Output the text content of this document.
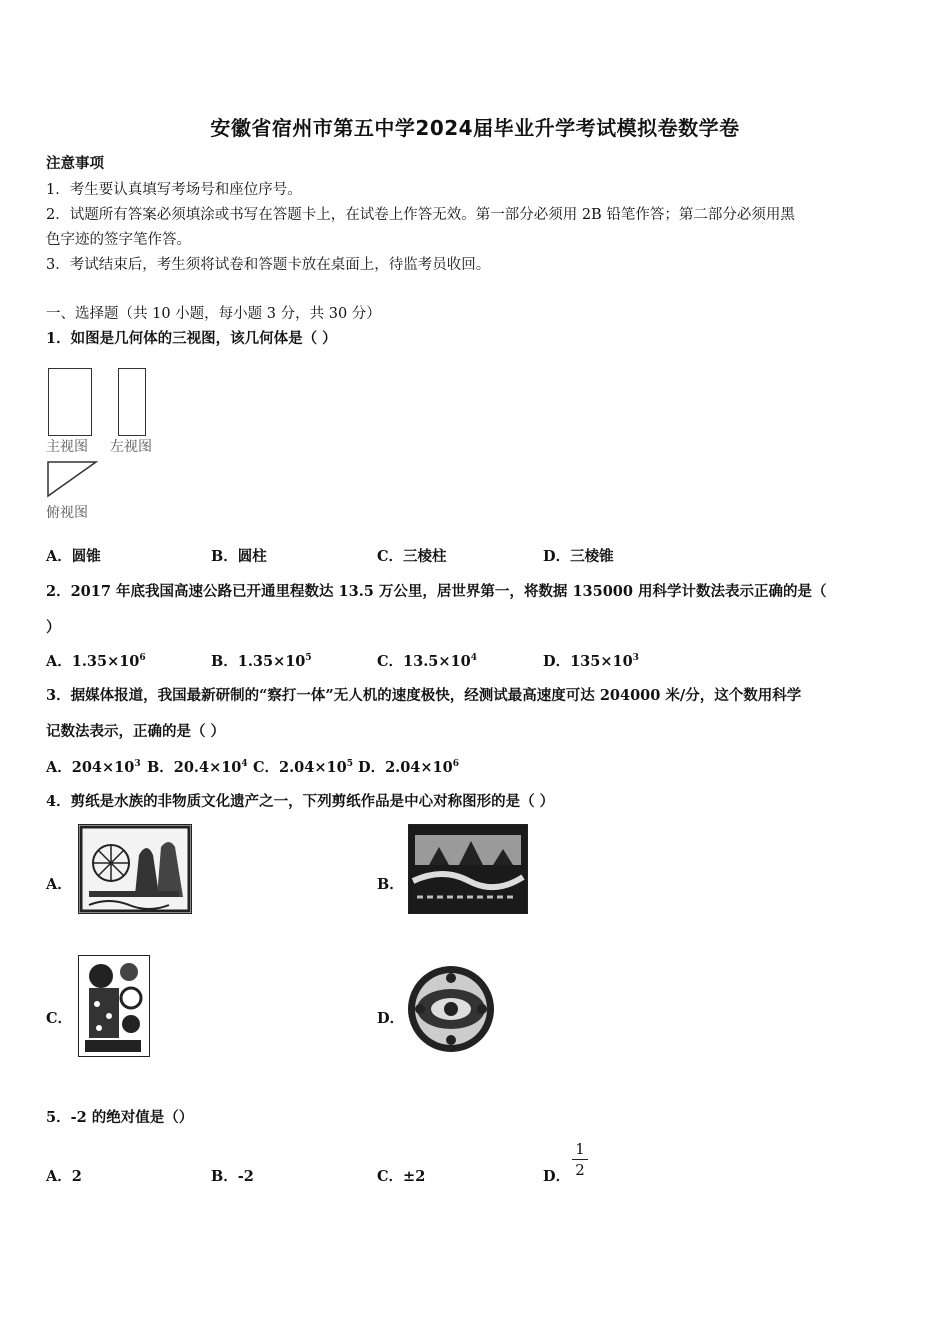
安徽省宿州市第五中学2024届毕业升学考试模拟卷数学卷
注意事项
1．考生要认真填写考场号和座位序号。
2．试题所有答案必须填涂或书写在答题卡上，在试卷上作答无效。第一部分必须用 2B 铅笔作答；第二部分必须用黑
色字迹的签字笔作答。
3．考试结束后，考生须将试卷和答题卡放在桌面上，待监考员收回。
一、选择题（共 10 小题，每小题 3 分，共 30 分）
1．如图是几何体的三视图，该几何体是（ ）
主视图 左视图
俯视图
A．圆锥	B．圆柱	C．三棱柱	D．三棱锥
2．2017 年底我国高速公路已开通里程数达 13.5 万公里，居世界第一，将数据 135000 用科学计数法表示正确的是（
）
A．$1.35\times 10^6$	B．$1.35\times 10^5$	C．$13.5\times 10^4$	D．$135\times 10^3$
3．据媒体报道，我国最新研制的“察打一体”无人机的速度极快，经测试最高速度可达 204000 米/分，这个数用科学
记数法表示，正确的是（ ）
A．$204\times 10^3$ B．$20.4\times 10^4$ C．$2.04\times 10^5$ D．$2.04\times 10^6$
4．剪纸是水族的非物质文化遗产之一，下列剪纸作品是中心对称图形的是（ ）
A．	B．
C．	D．
5．-2 的绝对值是（）
A．2	B．-2	C．±2	D．
1
2
